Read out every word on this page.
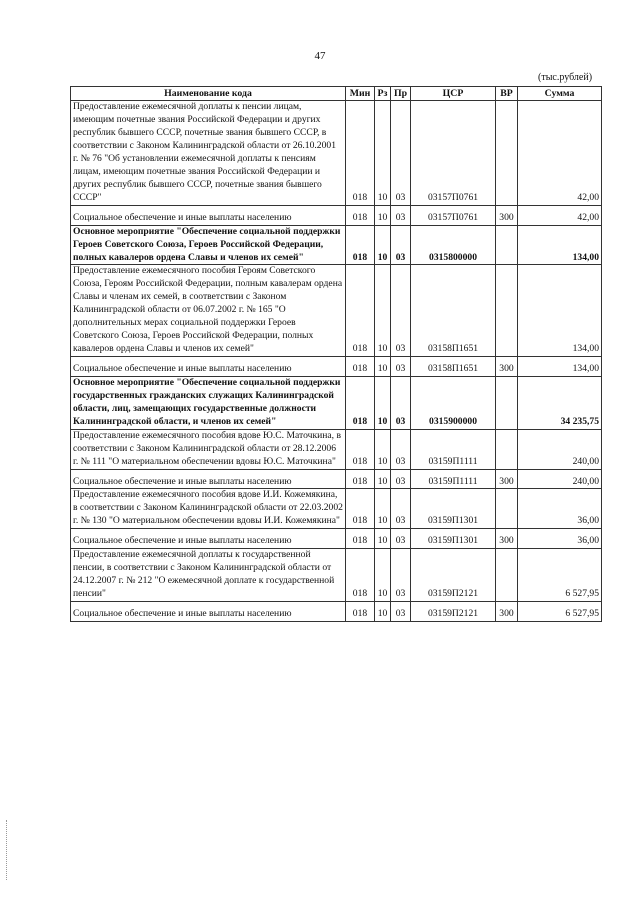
47
(тыс.рублей)
Наименование кода	Мин	Рз	Пр	ЦСР	ВР	Сумма
Предоставление ежемесячной доплаты к пенсии лицам, имеющим почетные звания Российской Федерации и других республик бывшего СССР, почетные звания бывшего СССР, в соответствии с Законом Калининградской области от 26.10.2001 г. № 76 "Об установлении ежемесячной доплаты к пенсиям лицам, имеющим почетные звания Российской Федерации и других республик бывшего СССР, почетные звания бывшего СССР"	018	10	03	03157П0761		42,00

Социальное обеспечение и иные выплаты населению	018	10	03	03157П0761	300	42,00
Основное мероприятие "Обеспечение социальной поддержки Героев Советского Союза, Героев Российской Федерации, полных кавалеров ордена Славы и членов их семей"	018	10	03	0315800000		134,00
Предоставление ежемесячного пособия Героям Советского Союза, Героям Российской Федерации, полным кавалерам ордена Славы и членам их семей, в соответствии с Законом Калининградской области от 06.07.2002 г. № 165 "О дополнительных мерах социальной поддержки Героев Советского Союза, Героев Российской Федерации, полных кавалеров ордена Славы и членов их семей"	018	10	03	03158П1651		134,00

Социальное обеспечение и иные выплаты населению	018	10	03	03158П1651	300	134,00
Основное мероприятие "Обеспечение социальной поддержки государственных гражданских служащих Калининградской области, лиц, замещающих государственные должности Калининградской области, и членов их семей"	018	10	03	0315900000		34 235,75
Предоставление ежемесячного пособия вдове Ю.С. Маточкина, в соответствии с Законом Калининградской области от 28.12.2006 г. № 111 "О материальном обеспечении вдовы Ю.С. Маточкина"	018	10	03	03159П1111		240,00

Социальное обеспечение и иные выплаты населению	018	10	03	03159П1111	300	240,00
Предоставление ежемесячного пособия вдове И.И. Кожемякина, в соответствии с Законом Калининградской области от 22.03.2002 г. № 130 "О материальном обеспечении вдовы И.И. Кожемякина"	018	10	03	03159П1301		36,00

Социальное обеспечение и иные выплаты населению	018	10	03	03159П1301	300	36,00
Предоставление ежемесячной доплаты к государственной пенсии, в соответствии с Законом Калининградской области от 24.12.2007 г. № 212 "О ежемесячной доплате к государственной пенсии"	018	10	03	03159П2121		6 527,95

Социальное обеспечение и иные выплаты населению	018	10	03	03159П2121	300	6 527,95
